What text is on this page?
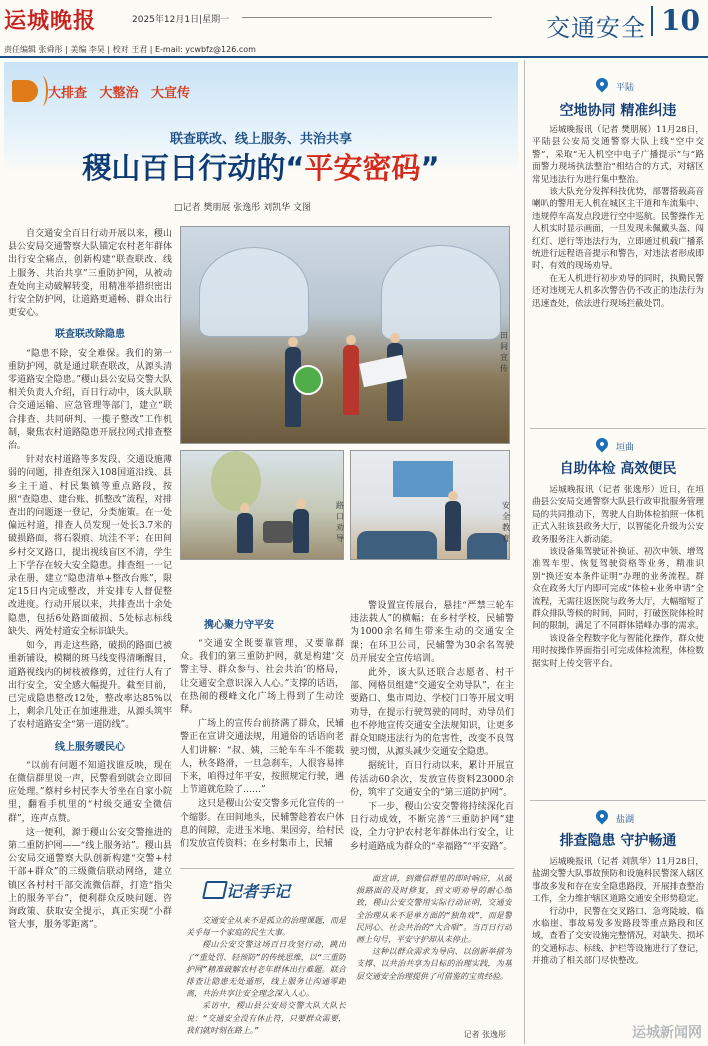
运城晚报	2025年12月1日|星期一	交通安全 10
责任编辑 张舜彤 | 美编 李昊 | 校对 王君 | E-mail: ycwbfz@126.com
大排查 大整治 大宣传
联查联改、线上服务、共治共享
稷山百日行动的“平安密码”
□记者 樊朋展 张逸彤 刘凯华 文图

自交通安全百日行动开展以来，稷山县公安局交通警察大队锚定农村老年群体出行安全痛点，创新构建“联查联改、线上服务、共治共享”三重防护网，从被动查处向主动破解转变，用精准举措织密出行安全防护网，让道路更通畅、群众出行更安心。

联查联改除隐患

“隐患不除，安全难保。我们的第一重防护网，就是通过联查联改，从源头清零道路安全隐患。”稷山县公安局交警大队相关负责人介绍，百日行动中，该大队联合交通运输、应急管理等部门，建立“联合排查、共同研判、一揽子整改”工作机制，聚焦农村道路隐患开展拉网式排查整治。

针对农村道路等多发段、交通设施薄弱的问题，排查组深入108国道沿线、县乡主干道、村民集镇等重点路段，按照“查隐患、建台账、抓整改”流程，对排查出的问题逐一登记，分类施策。在一处偏远村道，排查人员发现一处长3.7米的破损路面，将石裂痕、坑洼不平；在田间乡村交叉路口，提出视线盲区不清，学生上下学存在较大安全隐患。排查组一一记录在册，建立“隐患清单+整改台账”，限定15日内完成整改，并安排专人督促整改进度。行动开展以来，共排查出十余处隐患，包括6处路面破损、5处标志标线缺失、两处村道安全标识缺失。

如今，再走这些路，破损的路面已被重新铺设，模糊的斑马线变得清晰醒目，道路视线内的树枝被修剪，过往行人有了出行安全，安全感大幅提升。截至目前，已完成隐患整改12处，整改率达85%以上，剩余几处正在加速推进，从源头筑牢了农村道路安全“第一道防线”。

线上服务暖民心

“以前有问题不知道找谁反映，现在在微信群里说一声，民警看到就会立即回应处理。”蔡村乡村民李大爷坐在自家小院里，翻看手机里的“村级交通安全微信群”，连声点赞。

这一便利，源于稷山公安交警推进的第二重防护网——“线上服务站”。稷山县公安局交通警察大队创新构建“交警+村干部+群众”的三级微信联动网络，建立镇区各村村干部交流微信群，打造“指尖上的服务平台”，便利群众反映问题、咨询政策、获取安全提示，真正实现“小群管大事，服务零距离”。

田间宣传
路口劝导
安全教育
携心聚力守平安

“交通安全既要靠管理，又要靠群众。我们的第三重防护网，就是构建‘交警主导、群众参与、社会共治’的格局，让交通安全意识深入人心。”支撑的话语，在热闹的稷峰文化广场上得到了生动诠释。

广场上的宣传台前挤满了群众，民辅警正在宣讲交通法规，用通俗的话语向老人们讲解：“叔、姨，三轮车车斗不能载人，秋冬路滑，一旦急刹车，人很容易摔下来，咱得过年平安，按照规定行驶，遇上节道就危险了……”

这只是稷山公安交警多元化宣传的一个缩影。在田间地头，民辅警趁着农户休息的间隙，走进玉米地、果园旁，给村民们发放宣传资料；在乡村集市上，民辅

警设置宣传展台，悬挂“严禁三轮车违法载人”的横幅；在乡村学校，民辅警为1000余名师生带来生动的交通安全课；在环卫公司，民辅警为30余名驾驶员开展安全宣传培训。

此外，该大队还联合志愿者、村干部、网格员组建“交通安全劝导队”，在主要路口、集市周边、学校门口等开展文明劝导，在提示行驶驾驶的同时，劝导员们也不停地宣传交通安全法规知识，让更多群众知晓违法行为的危害性，改变不良驾驶习惯，从源头减少交通安全隐患。

据统计，百日行动以来，累计开展宣传活动60余次，发放宣传资料23000余份，筑牢了交通安全的“第三道防护网”。

下一步，稷山公安交警将持续深化百日行动成效，不断完善“三重防护网”建设，全力守护农村老年群体出行安全，让乡村道路成为群众的“幸福路”“平安路”。

记者手记

交通安全从来不是孤立的治理课题，而是关乎每一个家庭的民生大事。

稷山公安交警这场百日攻坚行动，跳出了“重处罚、轻预防”的传统思维，以“三重防护网”精准破解农村老年群体出行难题。联合排查让隐患无处遁形，线上服务让沟通零距离，共治共享让安全理念深入人心。

采访中，稷山县公安局交警大队大队长说：“交通安全没有休止符，只要群众需要，我们就时刻在路上。”

面宣讲，到微信群里的即时响应，从破损路面的及时修复，到文明劝导的耐心细致，稷山公安交警用实际行动证明，交通安全治理从来不是单方面的“独角戏”，而是警民同心、社会共治的“大合唱”。当百日行动画上句号，平安守护却从未停止。

这种以群众需求为导向、以创新举措为支撑、以共治共享为目标的治理实践，为基层交通安全治理提供了可借鉴的宝贵经验。

记者 张逸彤
平陆
空地协同 精准纠违

运城晚报讯（记者 樊朋展）11月28日，平陆县公安局交通警察大队上线“空中交警”，采取“无人机空中电子广播提示”与“路面警力现场执法整治”相结合的方式，对辖区常见违法行为进行集中整治。

该大队充分发挥科技优势，部署搭载高音喇叭的警用无人机在城区主干道和车流集中、违规停车高发点段进行空中巡航。民警操作无人机实时显示画面，一旦发现未佩戴头盔、闯红灯、逆行等违法行为，立即通过机载广播系统进行远程语音提示和警告，对违法者形成即时、有效的现场劝导。

在无人机进行初步劝导的同时，执勤民警还对违规无人机多次警告仍不改正的违法行为迅速查处，依法进行现场拦截处罚。

垣曲
自助体检 高效便民

运城晚报讯（记者 张逸彤）近日，在垣曲县公安局交通警察大队县行政审批服务管理局的共同推动下，驾驶人自助体检拍照一体机正式入驻该县政务大厅，以智能化升级为公安政务服务注入新动能。

该设备集驾驶证补换证、初次申领、增驾准驾车型、恢复驾驶资格等业务，精准识别“换还安本条件证明”办理的业务流程。群众在政务大厅内即可完成“体检+业务申请”全流程，无需往返医院与政务大厅，大幅缩短了群众排队等候的时间，同时，打破医院体检时间的限制，满足了不同群体错峰办事的需求。

该设备全程数字化与智能化操作，群众使用时按操作界面指引可完成体检流程，体检数据实时上传交管平台。

盐湖
排查隐患 守护畅通

运城晚报讯（记者 刘凯华）11月28日，盐湖交警大队事故预防和设施科民警深入辖区事故多发和存在安全隐患路段，开展排查整治工作，全力维护辖区道路交通安全形势稳定。

行动中，民警在交叉路口、急弯陡坡、临水临崖、事故易发多发路段等重点路段和区域，查看了交安设施完整情况，对缺失、损坏的交通标志、标线、护栏等设施进行了登记，并推动了相关部门尽快整改。

运城新闻网
